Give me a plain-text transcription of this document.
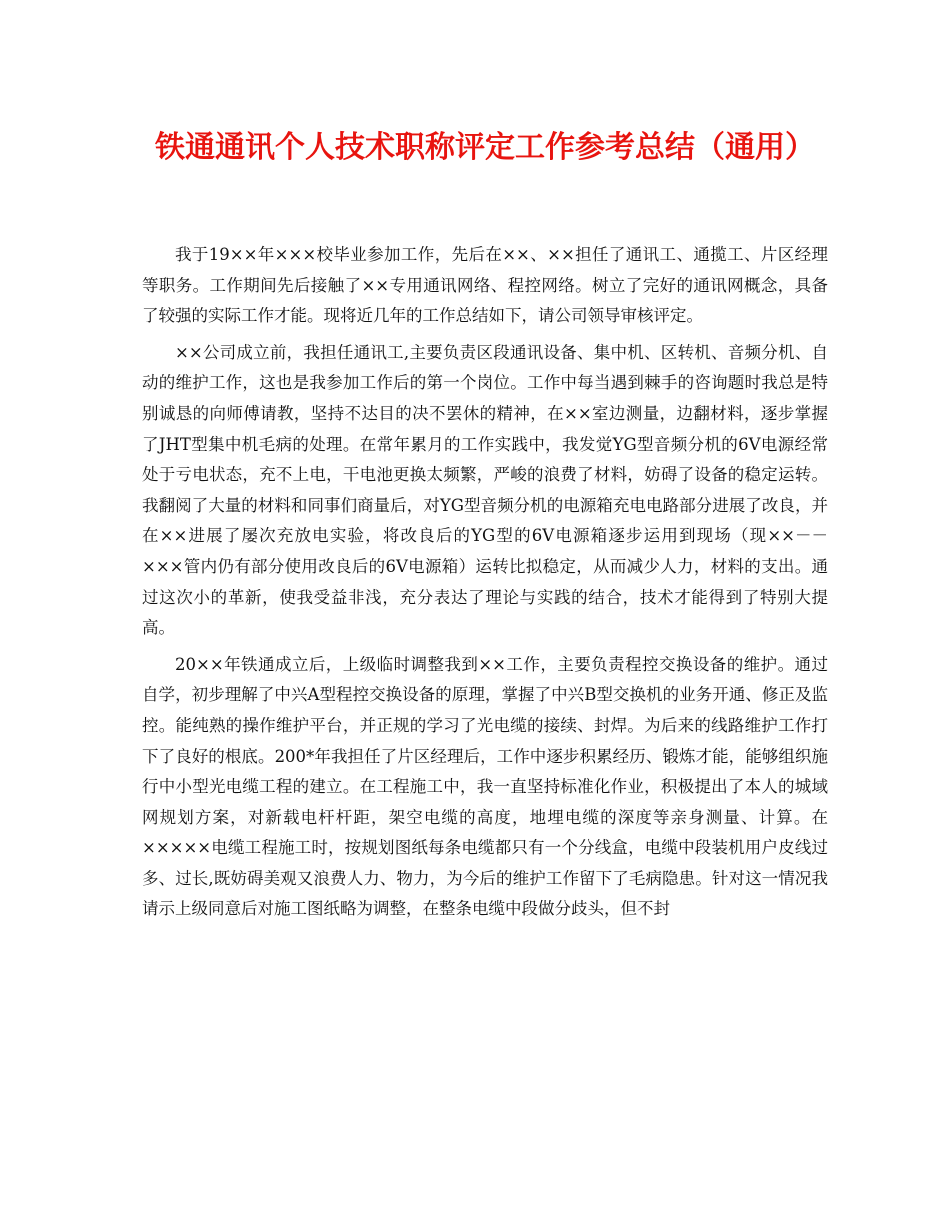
铁通通讯个人技术职称评定工作参考总结（通用）

我于19××年×××校毕业参加工作，先后在××、××担任了通讯工、通揽工、片区经理等职务。工作期间先后接触了××专用通讯网络、程控网络。树立了完好的通讯网概念，具备了较强的实际工作才能。现将近几年的工作总结如下，请公司领导审核评定。

××公司成立前，我担任通讯工,主要负责区段通讯设备、集中机、区转机、音频分机、自动的维护工作，这也是我参加工作后的第一个岗位。工作中每当遇到棘手的咨询题时我总是特别诚恳的向师傅请教，坚持不达目的决不罢休的精神，在××室边测量，边翻材料，逐步掌握了JHT型集中机毛病的处理。在常年累月的工作实践中，我发觉YG型音频分机的6V电源经常处于亏电状态，充不上电，干电池更换太频繁，严峻的浪费了材料，妨碍了设备的稳定运转。我翻阅了大量的材料和同事们商量后，对YG型音频分机的电源箱充电电路部分进展了改良，并在××进展了屡次充放电实验，将改良后的YG型的6V电源箱逐步运用到现场（现××－－×××管内仍有部分使用改良后的6V电源箱）运转比拟稳定，从而减少人力，材料的支出。通过这次小的革新，使我受益非浅，充分表达了理论与实践的结合，技术才能得到了特别大提高。

20××年铁通成立后，上级临时调整我到××工作，主要负责程控交换设备的维护。通过自学，初步理解了中兴A型程控交换设备的原理，掌握了中兴B型交换机的业务开通、修正及监控。能纯熟的操作维护平台，并正规的学习了光电缆的接续、封焊。为后来的线路维护工作打下了良好的根底。200*年我担任了片区经理后，工作中逐步积累经历、锻炼才能，能够组织施行中小型光电缆工程的建立。在工程施工中，我一直坚持标准化作业，积极提出了本人的城域网规划方案，对新载电杆杆距，架空电缆的高度，地埋电缆的深度等亲身测量、计算。在×××××电缆工程施工时，按规划图纸每条电缆都只有一个分线盒，电缆中段装机用户皮线过多、过长,既妨碍美观又浪费人力、物力，为今后的维护工作留下了毛病隐患。针对这一情况我请示上级同意后对施工图纸略为调整，在整条电缆中段做分歧头，但不封
